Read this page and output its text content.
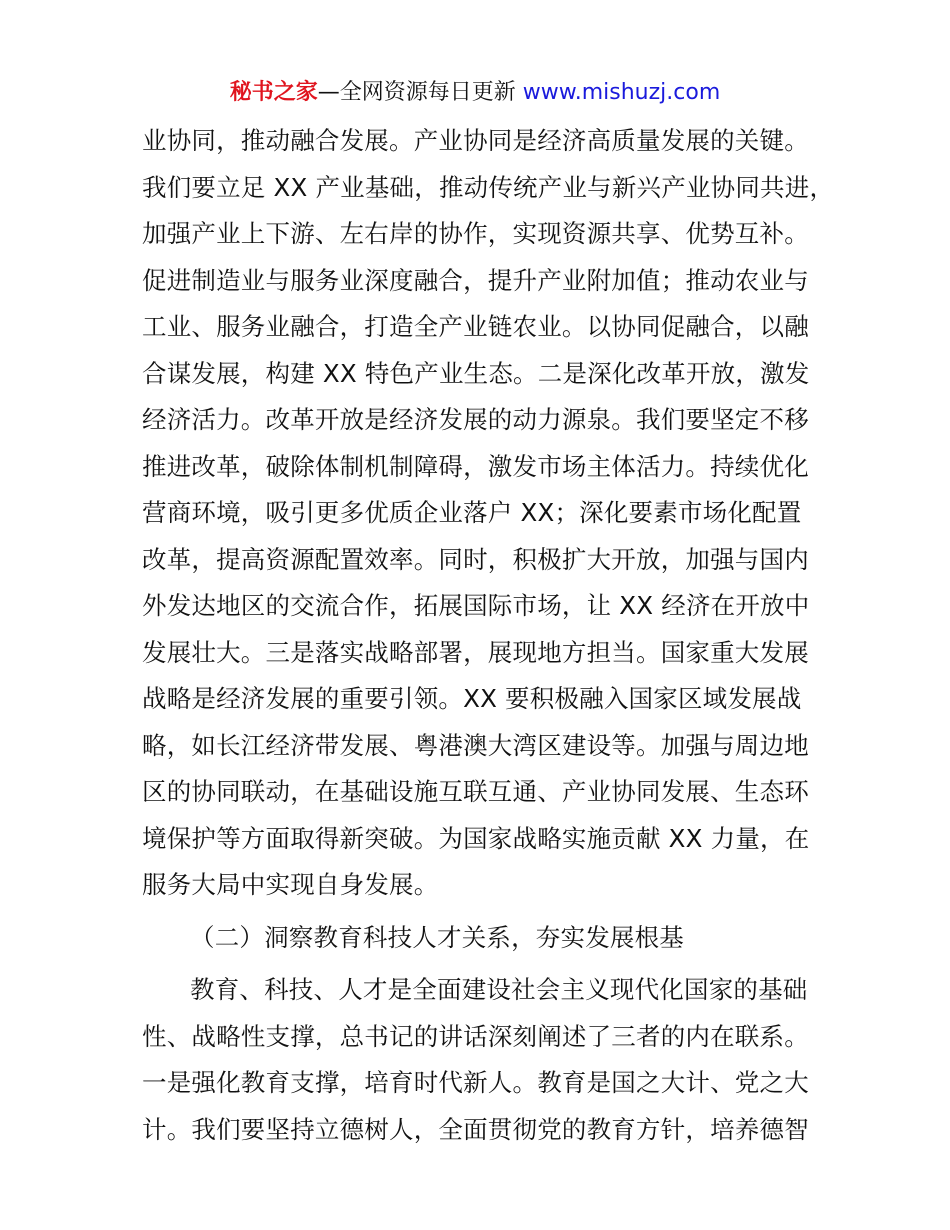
秘书之家—全网资源每日更新 www.mishuzj.com
业协同，推动融合发展。产业协同是经济高质量发展的关键。
我们要立足 XX 产业基础，推动传统产业与新兴产业协同共进，
加强产业上下游、左右岸的协作，实现资源共享、优势互补。
促进制造业与服务业深度融合，提升产业附加值；推动农业与
工业、服务业融合，打造全产业链农业。以协同促融合，以融
合谋发展，构建 XX 特色产业生态。二是深化改革开放，激发
经济活力。改革开放是经济发展的动力源泉。我们要坚定不移
推进改革，破除体制机制障碍，激发市场主体活力。持续优化
营商环境，吸引更多优质企业落户 XX；深化要素市场化配置
改革，提高资源配置效率。同时，积极扩大开放，加强与国内
外发达地区的交流合作，拓展国际市场，让 XX 经济在开放中
发展壮大。三是落实战略部署，展现地方担当。国家重大发展
战略是经济发展的重要引领。XX 要积极融入国家区域发展战
略，如长江经济带发展、粤港澳大湾区建设等。加强与周边地
区的协同联动，在基础设施互联互通、产业协同发展、生态环
境保护等方面取得新突破。为国家战略实施贡献 XX 力量，在
服务大局中实现自身发展。
（二）洞察教育科技人才关系，夯实发展根基
教育、科技、人才是全面建设社会主义现代化国家的基础
性、战略性支撑，总书记的讲话深刻阐述了三者的内在联系。
一是强化教育支撑，培育时代新人。教育是国之大计、党之大
计。我们要坚持立德树人，全面贯彻党的教育方针，培养德智
